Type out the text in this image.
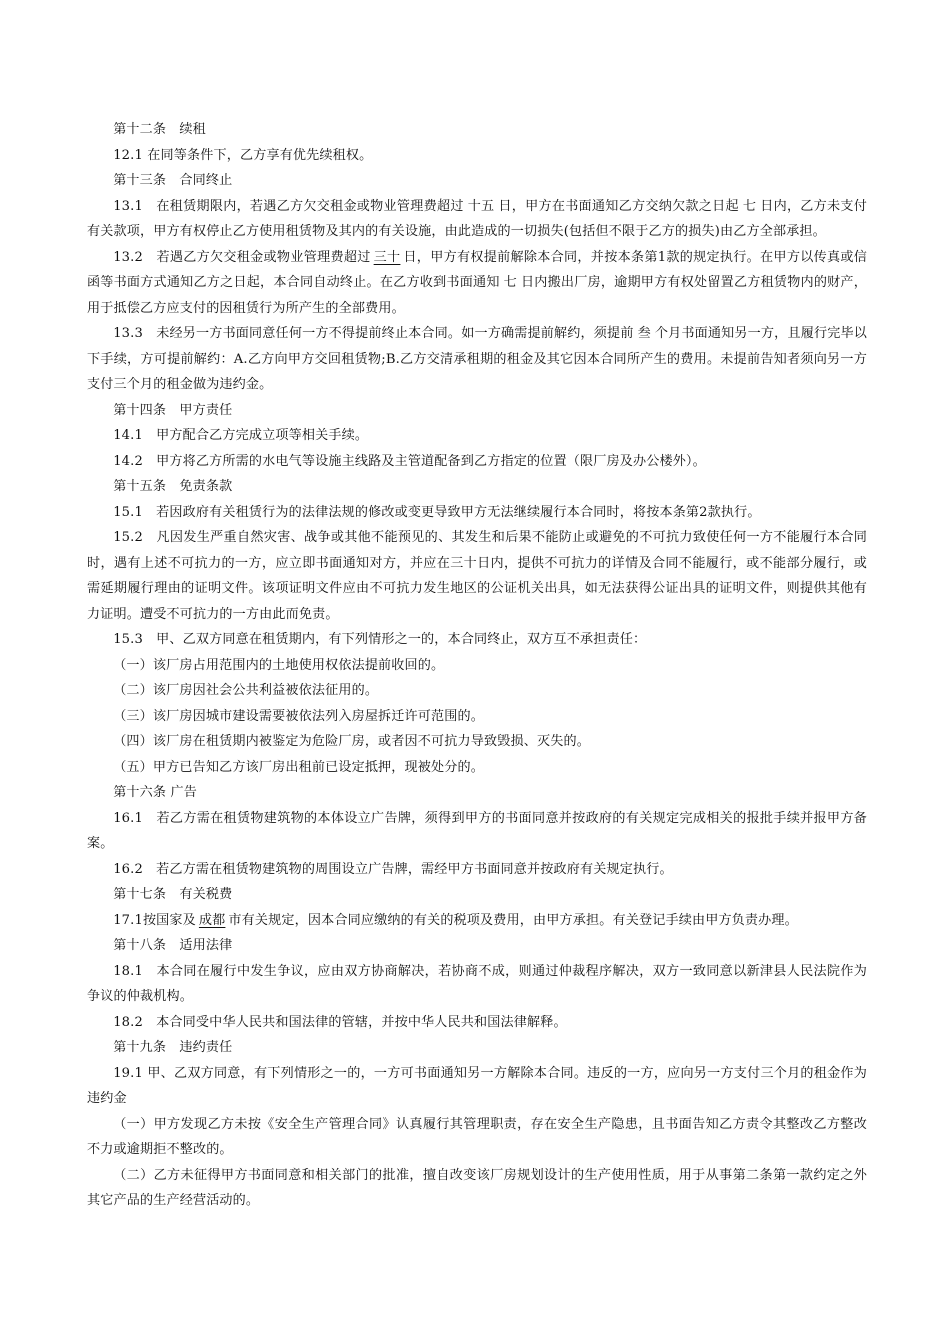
第十二条　续租

12.1 在同等条件下，乙方享有优先续租权。

第十三条　合同终止

13.1　在租赁期限内，若遇乙方欠交租金或物业管理费超过 十五 日，甲方在书面通知乙方交纳欠款之日起 七 日内，乙方未支付有关款项，甲方有权停止乙方使用租赁物及其内的有关设施，由此造成的一切损失(包括但不限于乙方的损失)由乙方全部承担。

13.2　若遇乙方欠交租金或物业管理费超过 三十 日，甲方有权提前解除本合同，并按本条第1款的规定执行。在甲方以传真或信函等书面方式通知乙方之日起，本合同自动终止。在乙方收到书面通知 七 日内搬出厂房，逾期甲方有权处留置乙方租赁物内的财产，用于抵偿乙方应支付的因租赁行为所产生的全部费用。

13.3　未经另一方书面同意任何一方不得提前终止本合同。如一方确需提前解约，须提前 叁 个月书面通知另一方，且履行完毕以下手续，方可提前解约：A.乙方向甲方交回租赁物;B.乙方交清承租期的租金及其它因本合同所产生的费用。未提前告知者须向另一方支付三个月的租金做为违约金。

第十四条　甲方责任

14.1　甲方配合乙方完成立项等相关手续。

14.2　甲方将乙方所需的水电气等设施主线路及主管道配备到乙方指定的位置（限厂房及办公楼外）。

第十五条　免责条款

15.1　若因政府有关租赁行为的法律法规的修改或变更导致甲方无法继续履行本合同时，将按本条第2款执行。

15.2　凡因发生严重自然灾害、战争或其他不能预见的、其发生和后果不能防止或避免的不可抗力致使任何一方不能履行本合同时，遇有上述不可抗力的一方，应立即书面通知对方，并应在三十日内，提供不可抗力的详情及合同不能履行，或不能部分履行，或需延期履行理由的证明文件。该项证明文件应由不可抗力发生地区的公证机关出具，如无法获得公证出具的证明文件，则提供其他有力证明。遭受不可抗力的一方由此而免责。

15.3　甲、乙双方同意在租赁期内，有下列情形之一的，本合同终止，双方互不承担责任：

（一）该厂房占用范围内的土地使用权依法提前收回的。

（二）该厂房因社会公共利益被依法征用的。

（三）该厂房因城市建设需要被依法列入房屋拆迁许可范围的。

（四）该厂房在租赁期内被鉴定为危险厂房，或者因不可抗力导致毁损、灭失的。

（五）甲方已告知乙方该厂房出租前已设定抵押，现被处分的。

第十六条 广告

16.1　若乙方需在租赁物建筑物的本体设立广告牌，须得到甲方的书面同意并按政府的有关规定完成相关的报批手续并报甲方备案。

16.2　若乙方需在租赁物建筑物的周围设立广告牌，需经甲方书面同意并按政府有关规定执行。

第十七条　有关税费

17.1按国家及 成都 市有关规定，因本合同应缴纳的有关的税项及费用，由甲方承担。有关登记手续由甲方负责办理。

第十八条　适用法律

18.1　本合同在履行中发生争议，应由双方协商解决，若协商不成，则通过仲裁程序解决，双方一致同意以新津县人民法院作为争议的仲裁机构。

18.2　本合同受中华人民共和国法律的管辖，并按中华人民共和国法律解释。

第十九条　违约责任

19.1 甲、乙双方同意，有下列情形之一的，一方可书面通知另一方解除本合同。违反的一方，应向另一方支付三个月的租金作为违约金

（一）甲方发现乙方未按《安全生产管理合同》认真履行其管理职责，存在安全生产隐患，且书面告知乙方责令其整改乙方整改不力或逾期拒不整改的。

（二）乙方未征得甲方书面同意和相关部门的批准，擅自改变该厂房规划设计的生产使用性质，用于从事第二条第一款约定之外其它产品的生产经营活动的。
